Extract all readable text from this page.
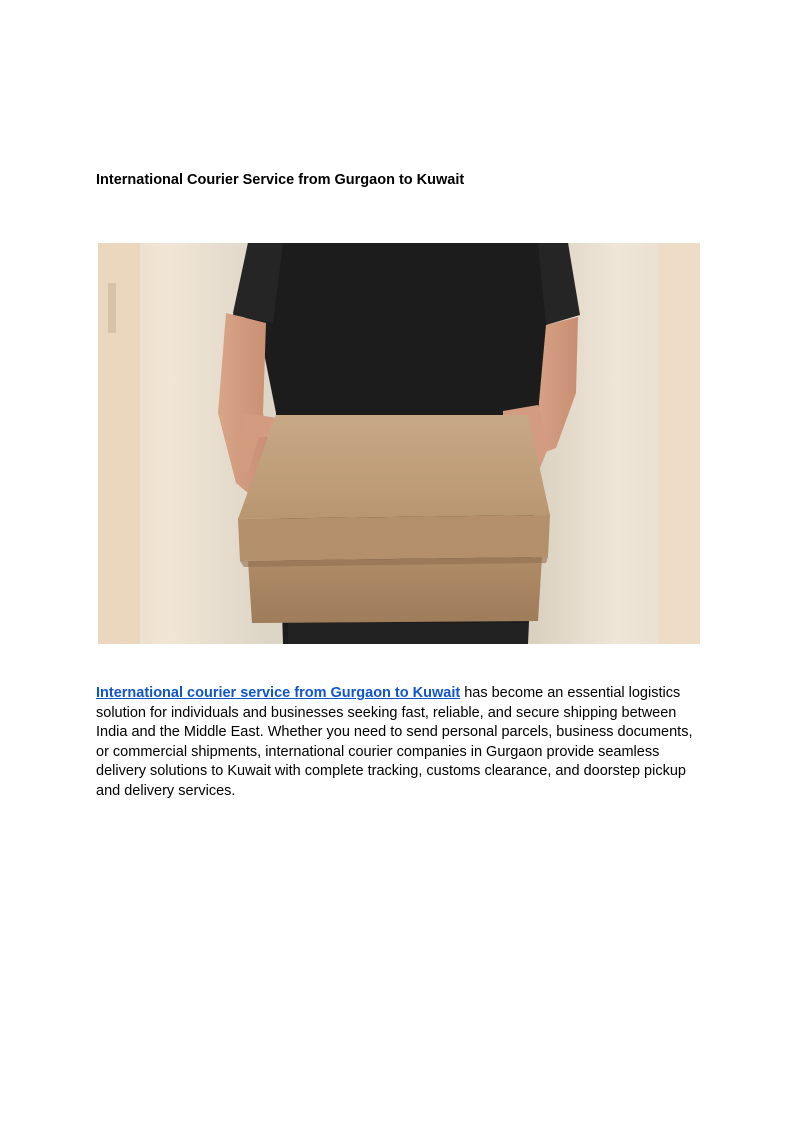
International Courier Service from Gurgaon to Kuwait

International courier service from Gurgaon to Kuwait has become an essential logistics solution for individuals and businesses seeking fast, reliable, and secure shipping between India and the Middle East. Whether you need to send personal parcels, business documents, or commercial shipments, international courier companies in Gurgaon provide seamless delivery solutions to Kuwait with complete tracking, customs clearance, and doorstep pickup and delivery services.
